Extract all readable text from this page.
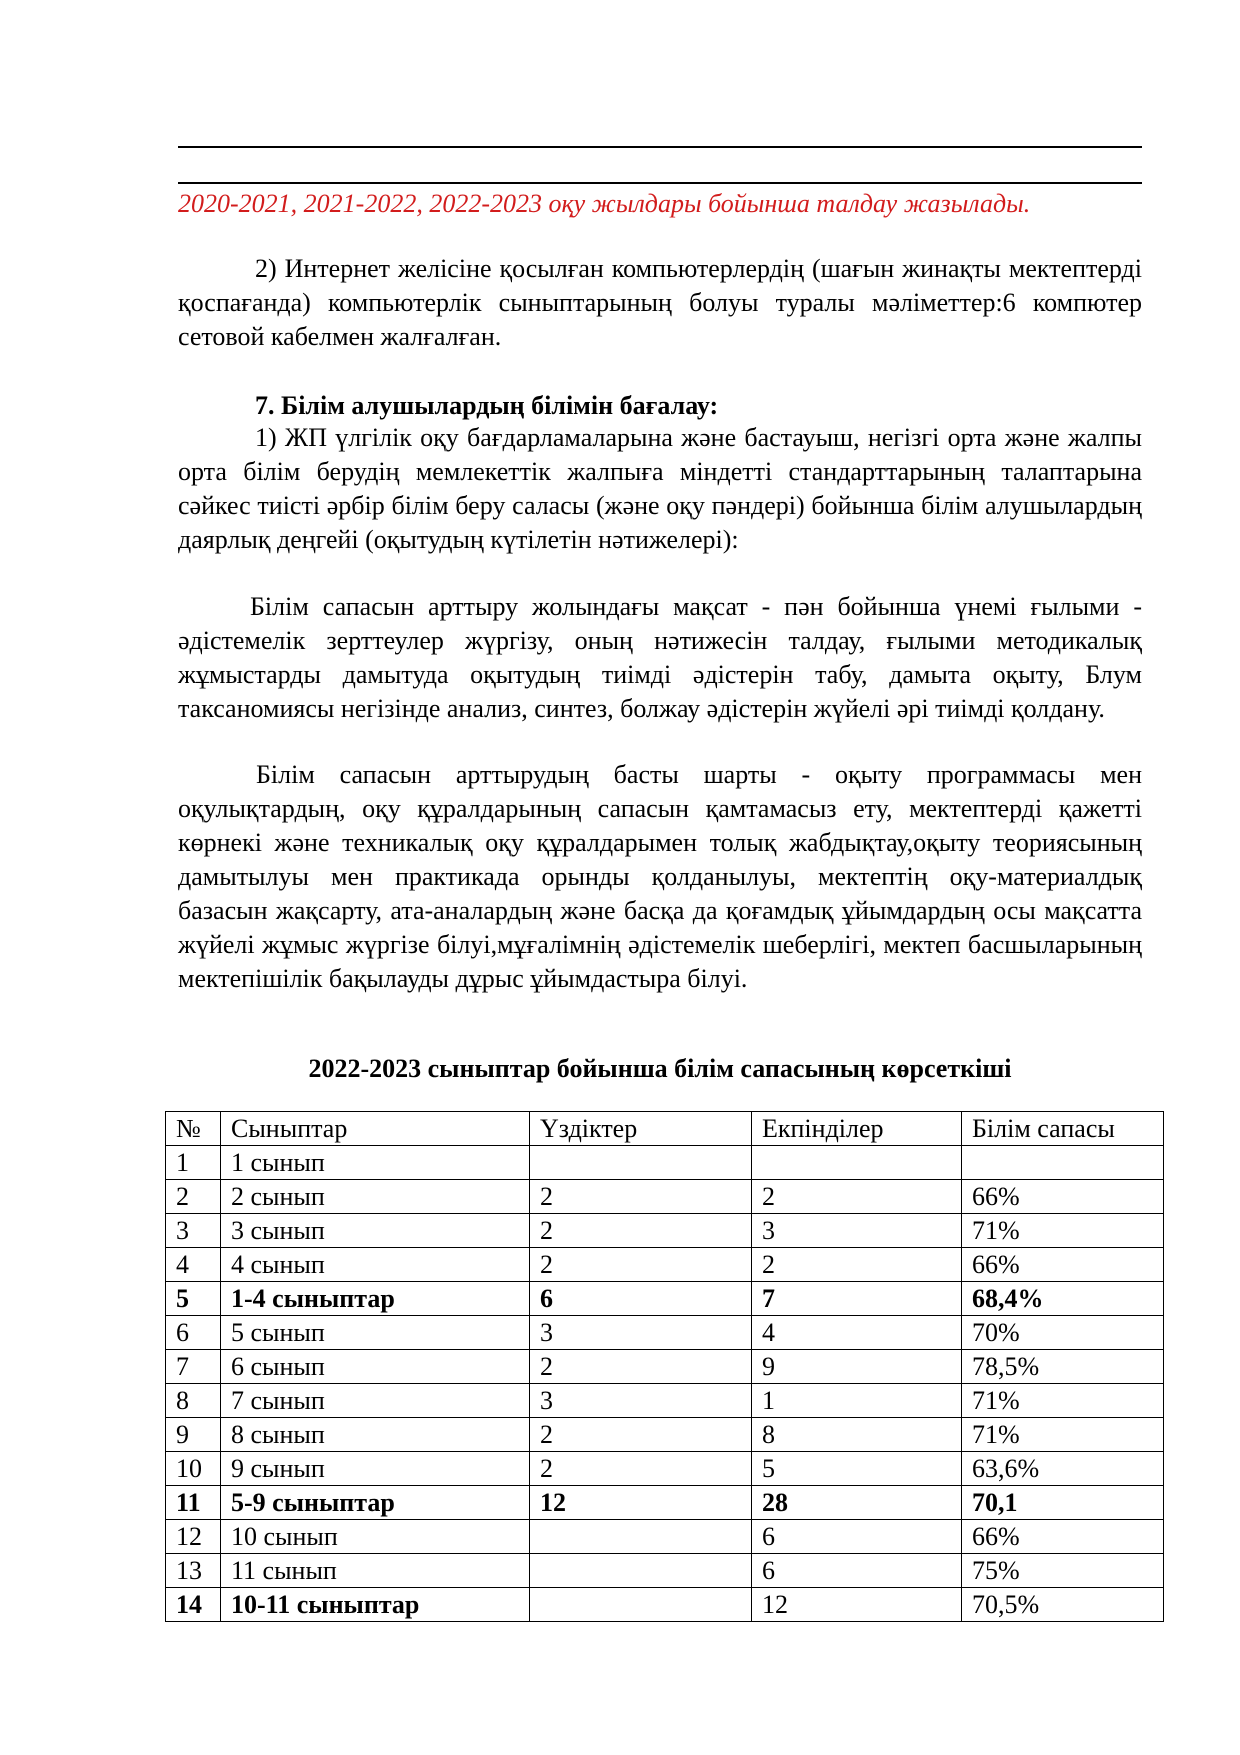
2020-2021, 2021-2022, 2022-2023 оқу жылдары бойынша талдау жазылады.
2) Интернет желісіне қосылған компьютерлердің (шағын жинақты мектептерді қоспағанда) компьютерлік сыныптарының болуы туралы мәліметтер:6 компютер сетовой кабелмен жалғалған.
7. Білім алушылардың білімін бағалау:
1) ЖП үлгілік оқу бағдарламаларына және бастауыш, негізгі орта және жалпы орта білім берудің мемлекеттік жалпыға міндетті стандарттарының талаптарына сәйкес тиісті әрбір білім беру саласы (және оқу пәндері) бойынша білім алушылардың даярлық деңгейі (оқытудың күтілетін нәтижелері):
Білім сапасын арттыру жолындағы мақсат - пән бойынша үнемі ғылыми - әдістемелік зерттеулер жүргізу, оның нәтижесін талдау, ғылыми методикалық жұмыстарды дамытуда оқытудың тиімді әдістерін табу, дамыта оқыту, Блум таксаномиясы негізінде анализ, синтез, болжау әдістерін жүйелі әрі тиімді қолдану.
Білім сапасын арттырудың басты шарты - оқыту программасы мен оқулықтардың, оқу құралдарының сапасын қамтамасыз ету, мектептерді қажетті көрнекі және техникалық оқу құралдарымен толық жабдықтау,оқыту теориясының дамытылуы мен практикада орынды қолданылуы, мектептің оқу-материалдық базасын жақсарту, ата-аналардың және басқа да қоғамдық ұйымдардың осы мақсатта жүйелі жұмыс жүргізе білуі,мұғалімнің әдістемелік шеберлігі, мектеп басшыларының мектепішілік бақылауды дұрыс ұйымдастыра білуі.
2022-2023 сыныптар бойынша білім сапасының көрсеткіші
№	Сыныптар	Үздіктер	Екпінділер	Білім сапасы
1	1 сынып			
2	2 сынып	2	2	66%
3	3 сынып	2	3	71%
4	4 сынып	2	2	66%
5	1-4 сыныптар	6	7	68,4%
6	5 сынып	3	4	70%
7	6 сынып	2	9	78,5%
8	7 сынып	3	1	71%
9	8 сынып	2	8	71%
10	9 сынып	2	5	63,6%
11	5-9 сыныптар	12	28	70,1
12	10 сынып		6	66%
13	11 сынып		6	75%
14	10-11 сыныптар		12	70,5%
